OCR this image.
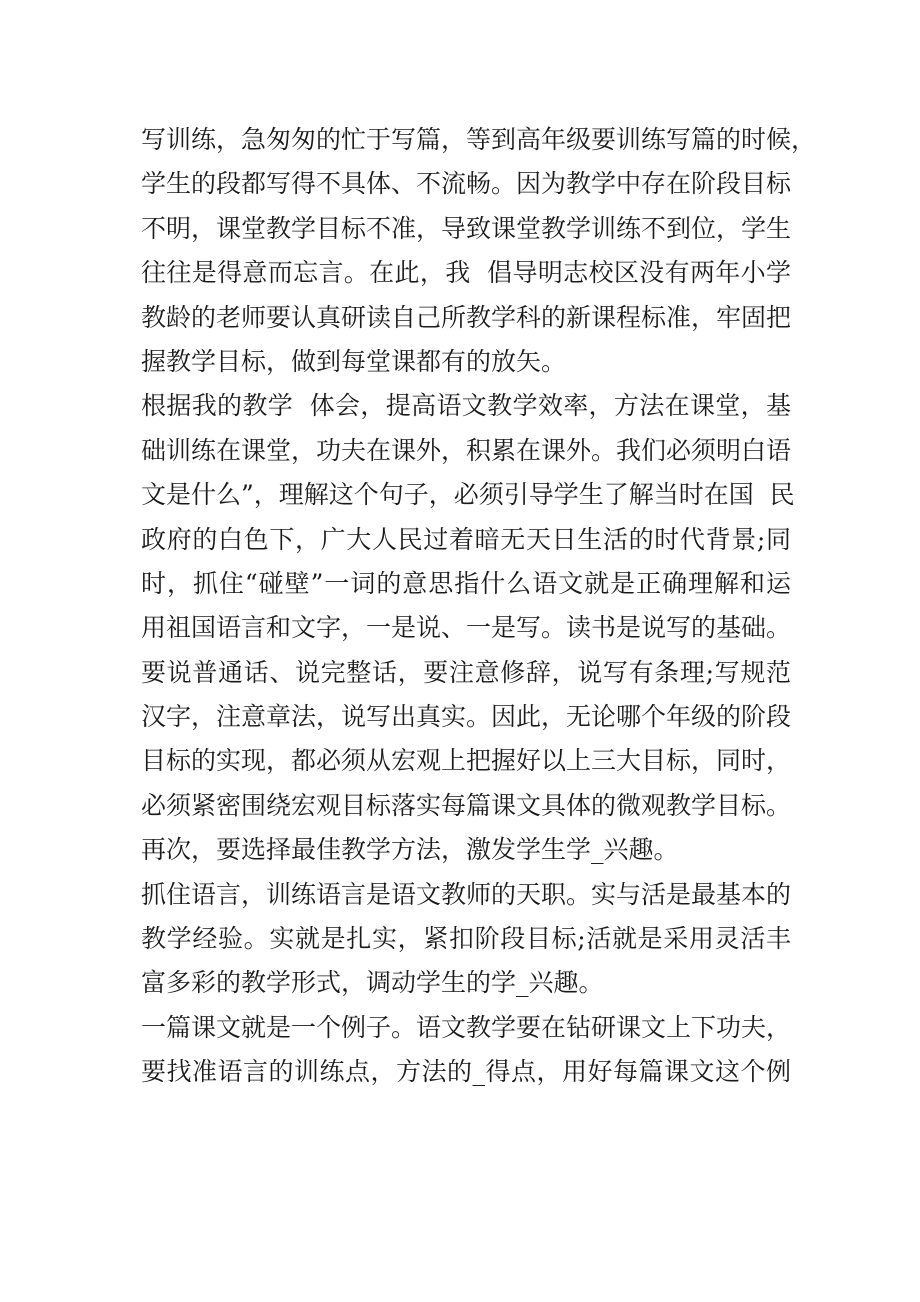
写训练，急匆匆的忙于写篇，等到高年级要训练写篇的时候，
学生的段都写得不具体、不流畅。因为教学中存在阶段目标
不明，课堂教学目标不准，导致课堂教学训练不到位，学生
往往是得意而忘言。在此，我  倡导明志校区没有两年小学
教龄的老师要认真研读自己所教学科的新课程标准，牢固把
握教学目标，做到每堂课都有的放矢。
根据我的教学  体会，提高语文教学效率，方法在课堂，基
础训练在课堂，功夫在课外，积累在课外。我们必须明白语
文是什么”，理解这个句子，必须引导学生了解当时在国  民
政府的白色下，广大人民过着暗无天日生活的时代背景;同
时，抓住“碰壁”一词的意思指什么语文就是正确理解和运
用祖国语言和文字，一是说、一是写。读书是说写的基础。
要说普通话、说完整话，要注意修辞，说写有条理;写规范
汉字，注意章法，说写出真实。因此，无论哪个年级的阶段
目标的实现，都必须从宏观上把握好以上三大目标，同时，
必须紧密围绕宏观目标落实每篇课文具体的微观教学目标。
再次，要选择最佳教学方法，激发学生学_兴趣。
抓住语言，训练语言是语文教师的天职。实与活是最基本的
教学经验。实就是扎实，紧扣阶段目标;活就是采用灵活丰
富多彩的教学形式，调动学生的学_兴趣。
一篇课文就是一个例子。语文教学要在钻研课文上下功夫，
要找准语言的训练点，方法的_得点，用好每篇课文这个例
